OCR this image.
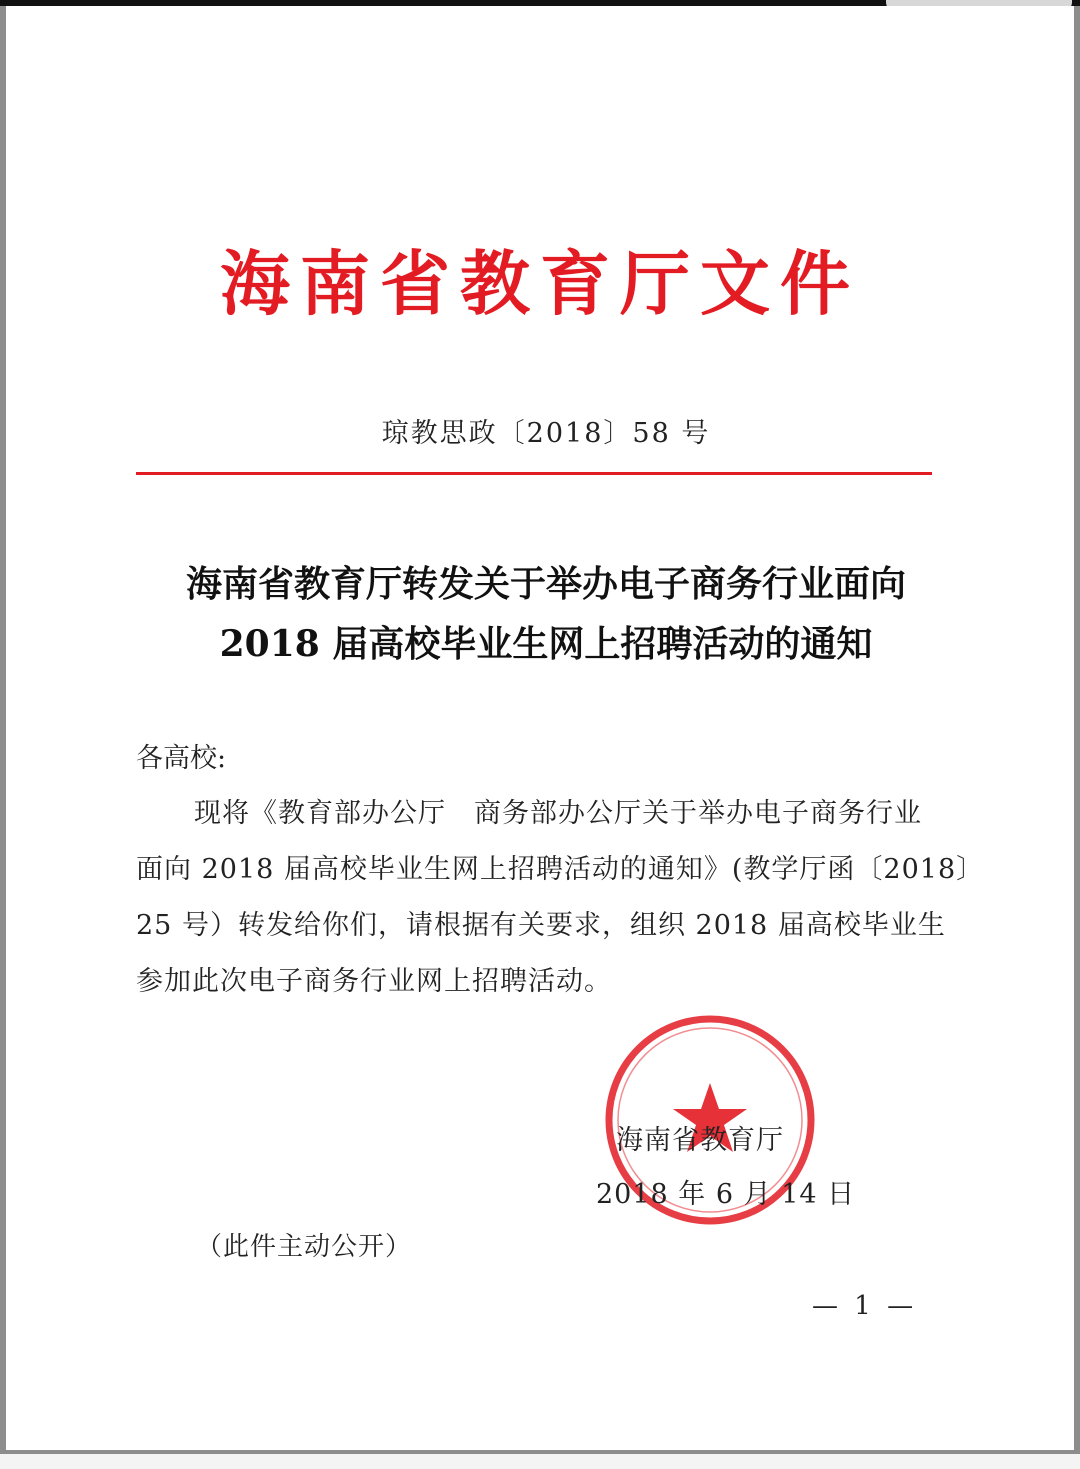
海南省教育厅文件
琼教思政〔2018〕58 号
海南省教育厅转发关于举办电子商务行业面向
2018 届高校毕业生网上招聘活动的通知
各高校:
现将《教育部办公厅　商务部办公厅关于举办电子商务行业
面向 2018 届高校毕业生网上招聘活动的通知》(教学厅函〔2018〕
25 号）转发给你们，请根据有关要求，组织 2018 届高校毕业生
参加此次电子商务行业网上招聘活动。
海南省教育厅
2018 年 6 月 14 日
（此件主动公开）
— 1 —
